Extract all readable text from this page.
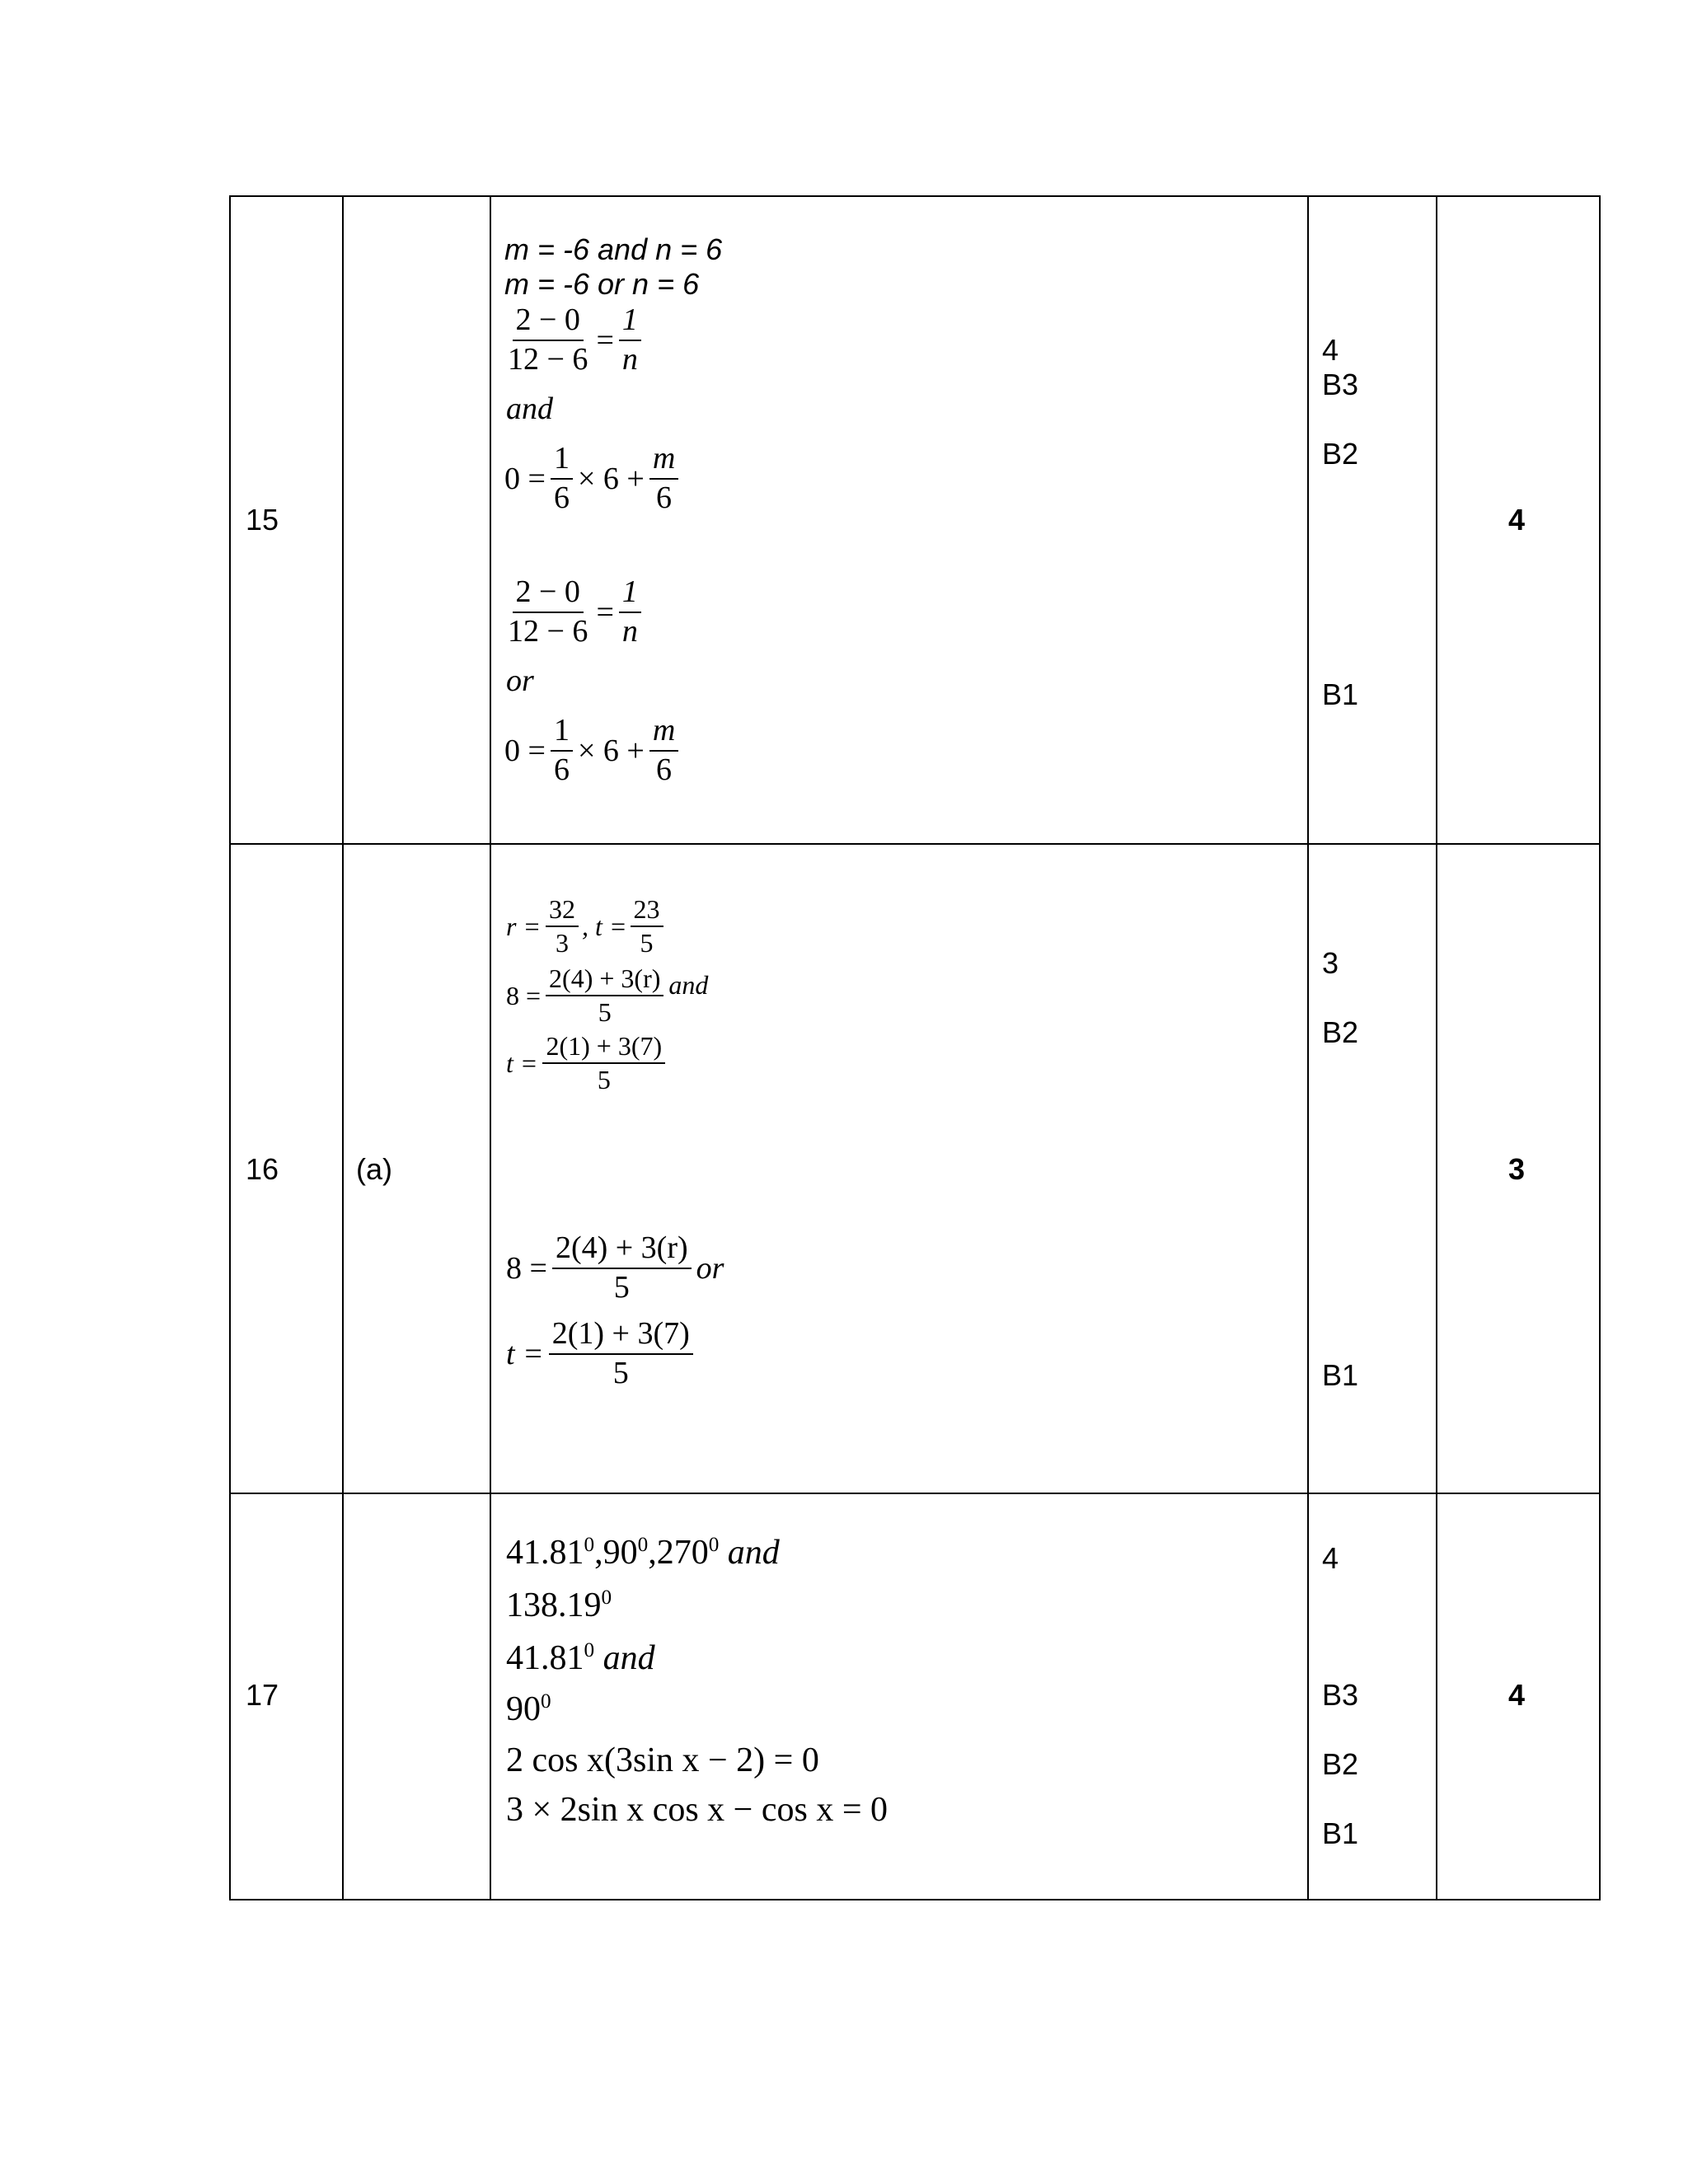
15
m = -6 and n = 6
m = -6 or n = 6
$\frac{2 - 0}{12 - 6} = \frac{1}{n}$
and
$0 = \frac{1}{6} \times 6 + \frac{m}{6}$
$\frac{2 - 0}{12 - 6} = \frac{1}{n}$
or
$0 = \frac{1}{6} \times 6 + \frac{m}{6}$
4
B3
B2
B1
4
16	(a)
$r = \frac{32}{3}$ , $t = \frac{23}{5}$
$8 = \frac{2(4) + 3(r)}{5}$ and
$t = \frac{2(1) + 3(7)}{5}$
$8 = \frac{2(4) + 3(r)}{5}$ or
$t = \frac{2(1) + 3(7)}{5}$
3
B2
B1
3
17
$41.81^0,90^0,270^0$ and
138.19$^0$
41.81$^0$ and
$90^0$
2 cos x(3sin x − 2) = 0
3 × 2sin x cos x − cos x = 0
4
B3
B2
B1
4
